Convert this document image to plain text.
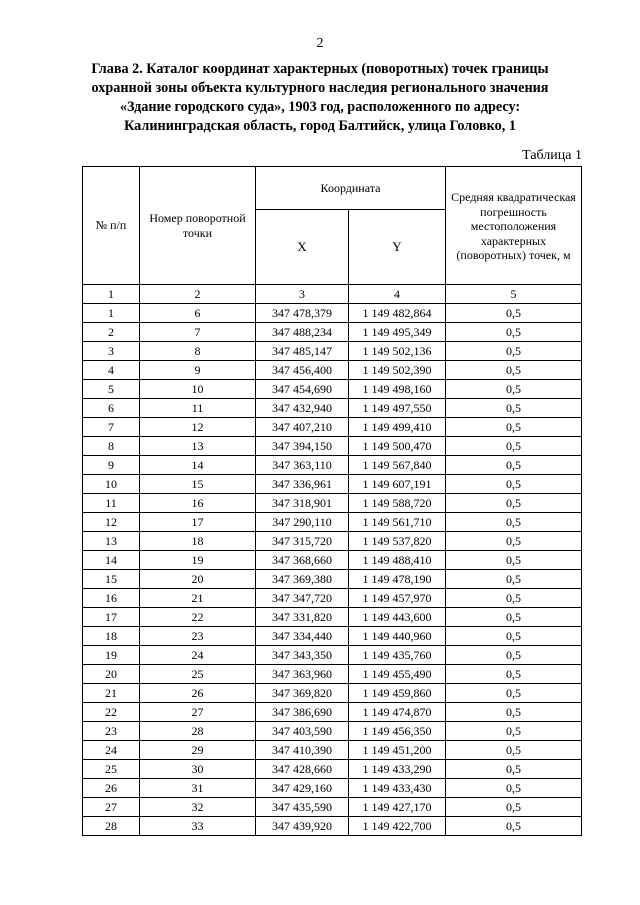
2
Глава 2. Каталог координат характерных (поворотных) точек границы
охранной зоны объекта культурного наследия регионального значения
«Здание городского суда», 1903 год, расположенного по адресу:
Калининградская область, город Балтийск, улица Головко, 1
Таблица 1
№ п/п	Номер поворотной точки	Координата		Средняя квадратическая погрешность местоположения характерных (поворотных) точек, м
		X	Y	
1	2	3	4	5
1	6	347 478,379	1 149 482,864	0,5
2	7	347 488,234	1 149 495,349	0,5
3	8	347 485,147	1 149 502,136	0,5
4	9	347 456,400	1 149 502,390	0,5
5	10	347 454,690	1 149 498,160	0,5
6	11	347 432,940	1 149 497,550	0,5
7	12	347 407,210	1 149 499,410	0,5
8	13	347 394,150	1 149 500,470	0,5
9	14	347 363,110	1 149 567,840	0,5
10	15	347 336,961	1 149 607,191	0,5
11	16	347 318,901	1 149 588,720	0,5
12	17	347 290,110	1 149 561,710	0,5
13	18	347 315,720	1 149 537,820	0,5
14	19	347 368,660	1 149 488,410	0,5
15	20	347 369,380	1 149 478,190	0,5
16	21	347 347,720	1 149 457,970	0,5
17	22	347 331,820	1 149 443,600	0,5
18	23	347 334,440	1 149 440,960	0,5
19	24	347 343,350	1 149 435,760	0,5
20	25	347 363,960	1 149 455,490	0,5
21	26	347 369,820	1 149 459,860	0,5
22	27	347 386,690	1 149 474,870	0,5
23	28	347 403,590	1 149 456,350	0,5
24	29	347 410,390	1 149 451,200	0,5
25	30	347 428,660	1 149 433,290	0,5
26	31	347 429,160	1 149 433,430	0,5
27	32	347 435,590	1 149 427,170	0,5
28	33	347 439,920	1 149 422,700	0,5
